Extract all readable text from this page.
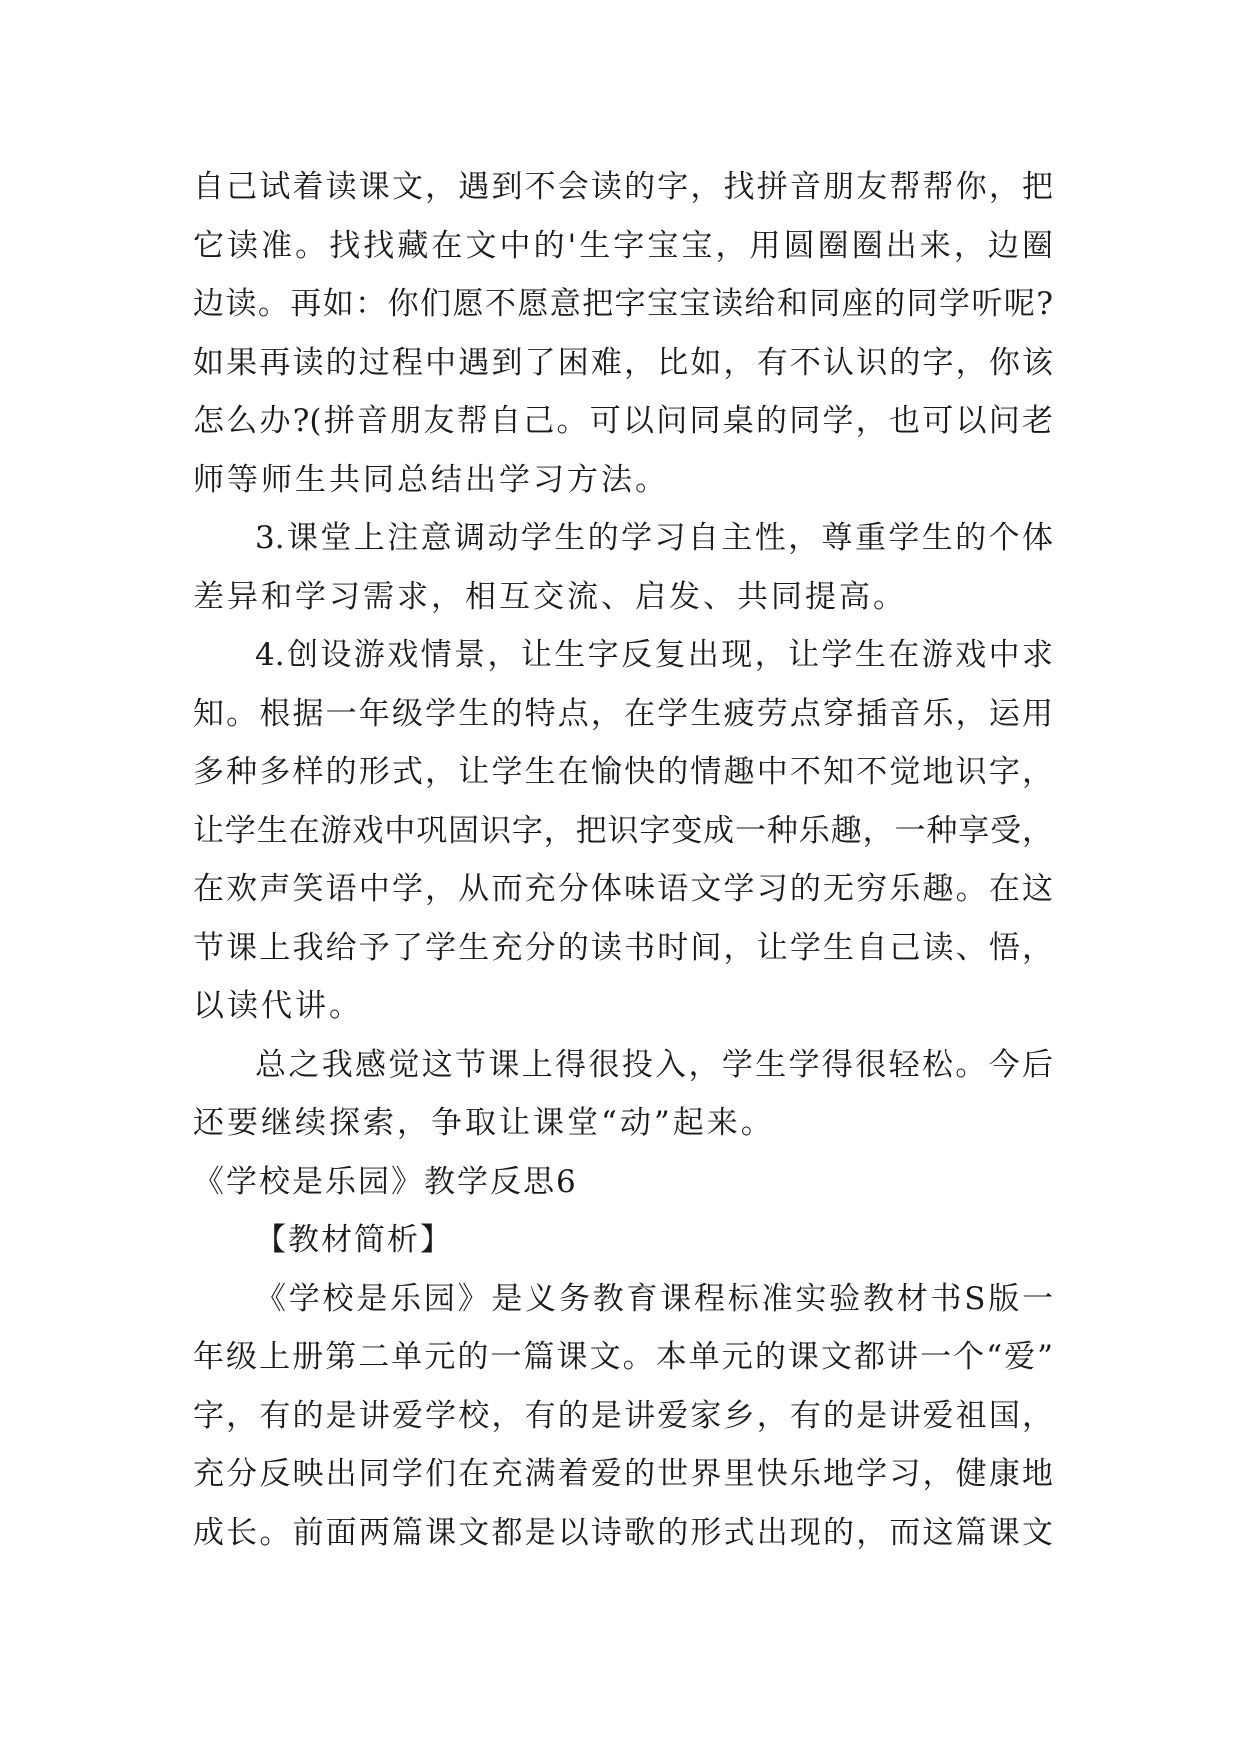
自己试着读课文，遇到不会读的字，找拼音朋友帮帮你，把
它读准。找找藏在文中的'生字宝宝，用圆圈圈出来，边圈
边读。再如：你们愿不愿意把字宝宝读给和同座的同学听呢?
如果再读的过程中遇到了困难，比如，有不认识的字，你该
怎么办?(拼音朋友帮自己。可以问同桌的同学，也可以问老
师等师生共同总结出学习方法。
3.课堂上注意调动学生的学习自主性，尊重学生的个体
差异和学习需求，相互交流、启发、共同提高。
4.创设游戏情景，让生字反复出现，让学生在游戏中求
知。根据一年级学生的特点，在学生疲劳点穿插音乐，运用
多种多样的形式，让学生在愉快的情趣中不知不觉地识字，
让学生在游戏中巩固识字，把识字变成一种乐趣，一种享受，
在欢声笑语中学，从而充分体味语文学习的无穷乐趣。在这
节课上我给予了学生充分的读书时间，让学生自己读、悟，
以读代讲。
总之我感觉这节课上得很投入，学生学得很轻松。今后
还要继续探索，争取让课堂“动”起来。
《学校是乐园》教学反思6
【教材简析】
《学校是乐园》是义务教育课程标准实验教材书S版一
年级上册第二单元的一篇课文。本单元的课文都讲一个“爱”
字，有的是讲爱学校，有的是讲爱家乡，有的是讲爱祖国，
充分反映出同学们在充满着爱的世界里快乐地学习，健康地
成长。前面两篇课文都是以诗歌的形式出现的，而这篇课文
